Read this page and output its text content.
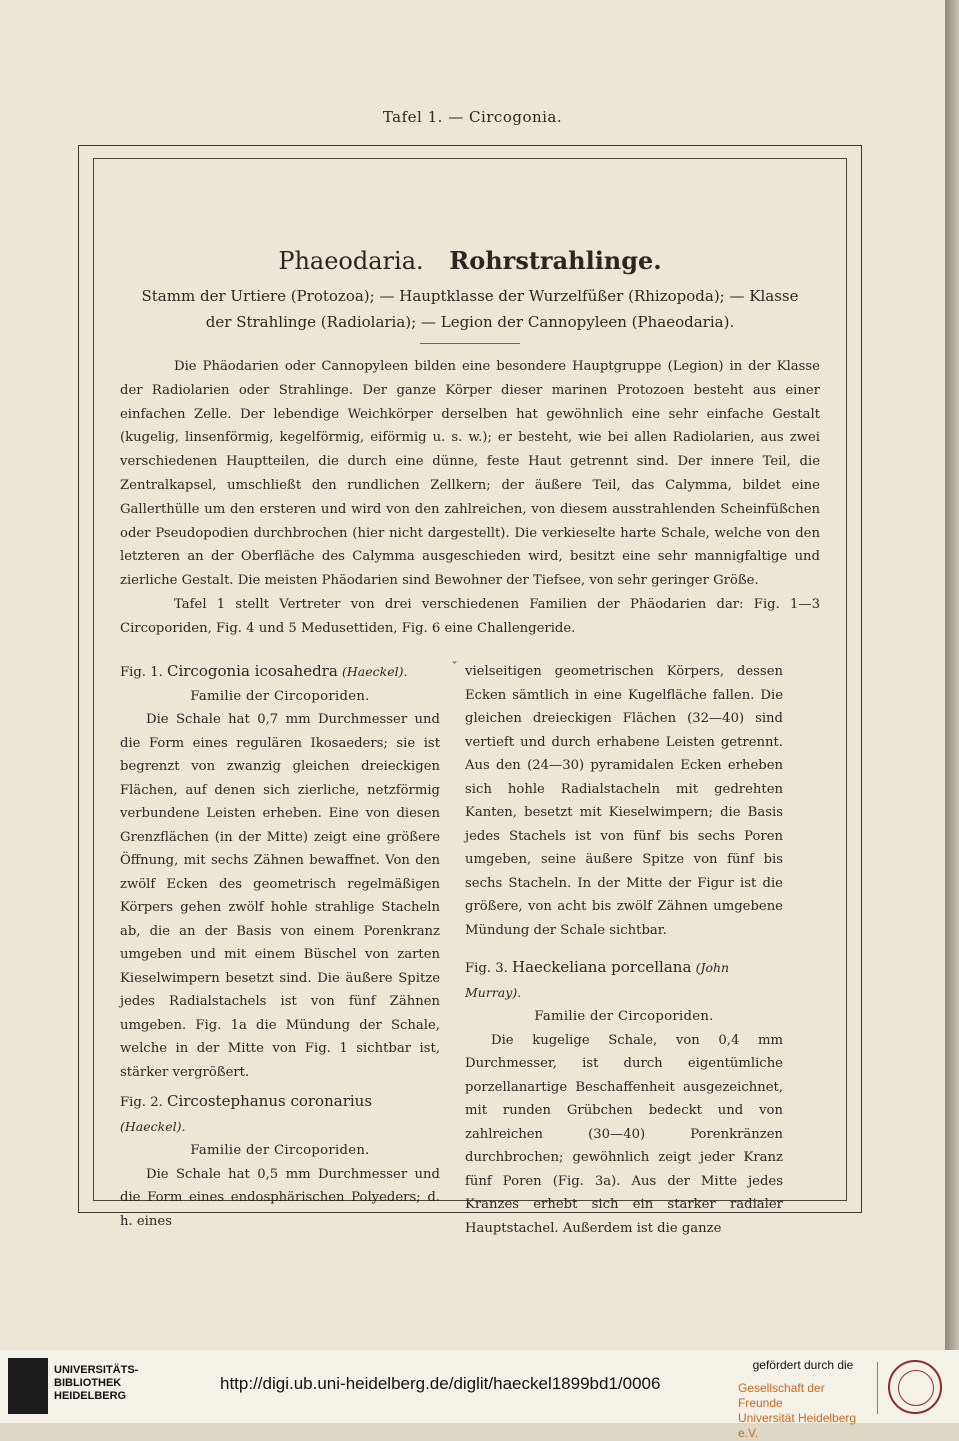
Tafel 1. — Circogonia.
Phaeodaria. Rohrstrahlinge.
Stamm der Urtiere (Protozoa); — Hauptklasse der Wurzelfüßer (Rhizopoda); — Klasse
der Strahlinge (Radiolaria); — Legion der Cannopyleen (Phaeodaria).

Die Phäodarien oder Cannopyleen bilden eine besondere Hauptgruppe (Legion) in der Klasse der Radiolarien oder Strahlinge. Der ganze Körper dieser marinen Protozoen besteht aus einer einfachen Zelle. Der lebendige Weichkörper derselben hat gewöhnlich eine sehr einfache Gestalt (kugelig, linsenförmig, kegelförmig, eiförmig u. s. w.); er besteht, wie bei allen Radiolarien, aus zwei verschiedenen Hauptteilen, die durch eine dünne, feste Haut getrennt sind. Der innere Teil, die Zentralkapsel, umschließt den rundlichen Zellkern; der äußere Teil, das Calymma, bildet eine Gallerthülle um den ersteren und wird von den zahlreichen, von diesem ausstrahlenden Scheinfüßchen oder Pseudopodien durchbrochen (hier nicht dargestellt). Die verkieselte harte Schale, welche von den letzteren an der Oberfläche des Calymma ausgeschieden wird, besitzt eine sehr mannigfaltige und zierliche Gestalt. Die meisten Phäodarien sind Bewohner der Tiefsee, von sehr geringer Größe.

Tafel 1 stellt Vertreter von drei verschiedenen Familien der Phäodarien dar: Fig. 1—3 Circoporiden, Fig. 4 und 5 Medusettiden, Fig. 6 eine Challengeride.

ˇ

Fig. 1. Circogonia icosahedra (Haeckel).

Familie der Circoporiden.

Die Schale hat 0,7 mm Durchmesser und die Form eines regulären Ikosaeders; sie ist begrenzt von zwanzig gleichen dreieckigen Flächen, auf denen sich zierliche, netzförmig verbundene Leisten erheben. Eine von diesen Grenzflächen (in der Mitte) zeigt eine größere Öffnung, mit sechs Zähnen bewaffnet. Von den zwölf Ecken des geometrisch regelmäßigen Körpers gehen zwölf hohle strahlige Stacheln ab, die an der Basis von einem Porenkranz umgeben und mit einem Büschel von zarten Kieselwimpern besetzt sind. Die äußere Spitze jedes Radialstachels ist von fünf Zähnen umgeben. Fig. 1a die Mündung der Schale, welche in der Mitte von Fig. 1 sichtbar ist, stärker vergrößert.

Fig. 2. Circostephanus coronarius (Haeckel).

Familie der Circoporiden.

Die Schale hat 0,5 mm Durchmesser und die Form eines endosphärischen Polyeders; d. h. eines

vielseitigen geometrischen Körpers, dessen Ecken sämtlich in eine Kugelfläche fallen. Die gleichen dreieckigen Flächen (32—40) sind vertieft und durch erhabene Leisten getrennt. Aus den (24—30) pyramidalen Ecken erheben sich hohle Radialstacheln mit gedrehten Kanten, besetzt mit Kieselwimpern; die Basis jedes Stachels ist von fünf bis sechs Poren umgeben, seine äußere Spitze von fünf bis sechs Stacheln. In der Mitte der Figur ist die größere, von acht bis zwölf Zähnen umgebene Mündung der Schale sichtbar.

Fig. 3. Haeckeliana porcellana (John Murray).

Familie der Circoporiden.

Die kugelige Schale, von 0,4 mm Durchmesser, ist durch eigentümliche porzellanartige Beschaffenheit ausgezeichnet, mit runden Grübchen bedeckt und von zahlreichen (30—40) Porenkränzen durchbrochen; gewöhnlich zeigt jeder Kranz fünf Poren (Fig. 3a). Aus der Mitte jedes Kranzes erhebt sich ein starker radialer Hauptstachel. Außerdem ist die ganze

UNIVERSITÄTS-
BIBLIOTHEK
HEIDELBERG
http://digi.ub.uni-heidelberg.de/diglit/haeckel1899bd1/0006
gefördert durch die
Gesellschaft der Freunde
Universität Heidelberg e.V.
